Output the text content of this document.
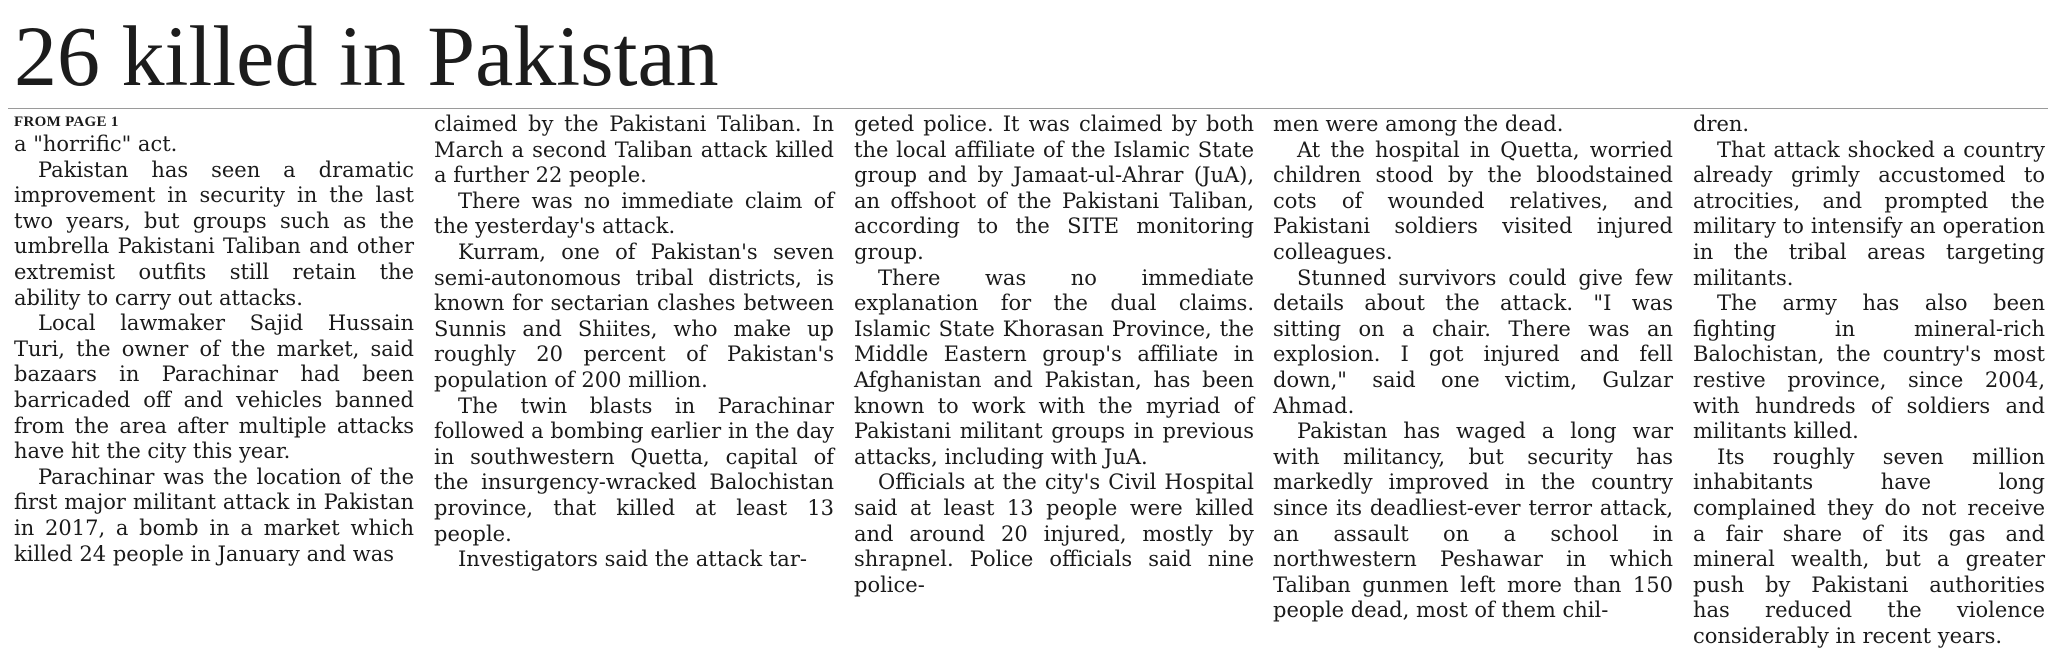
26 killed in Pakistan
FROM PAGE 1

a "horrific" act.

Pakistan has seen a dramatic improvement in security in the last two years, but groups such as the umbrella Pakistani Taliban and other extremist outfits still retain the ability to carry out attacks.

Local lawmaker Sajid Hussain Turi, the owner of the market, said bazaars in Parachinar had been barricaded off and vehicles banned from the area after multiple attacks have hit the city this year.

Parachinar was the location of the first major militant attack in Pakistan in 2017, a bomb in a market which killed 24 people in January and was

claimed by the Pakistani Taliban. In March a second Taliban attack killed a further 22 people.

There was no immediate claim of the yesterday's attack.

Kurram, one of Pakistan's seven semi-autonomous tribal districts, is known for sectarian clashes between Sunnis and Shiites, who make up roughly 20 percent of Pakistan's population of 200 million.

The twin blasts in Parachinar followed a bombing earlier in the day in southwestern Quetta, capital of the insurgency-wracked Balochistan province, that killed at least 13 people.

Investigators said the attack tar-

geted police. It was claimed by both the local affiliate of the Islamic State group and by Jamaat-ul-Ahrar (JuA), an offshoot of the Pakistani Taliban, according to the SITE monitoring group.

There was no immediate explanation for the dual claims. Islamic State Khorasan Province, the Middle Eastern group's affiliate in Afghanistan and Pakistan, has been known to work with the myriad of Pakistani militant groups in previous attacks, including with JuA.

Officials at the city's Civil Hospital said at least 13 people were killed and around 20 injured, mostly by shrapnel. Police officials said nine police-

men were among the dead.

At the hospital in Quetta, worried children stood by the bloodstained cots of wounded relatives, and Pakistani soldiers visited injured colleagues.

Stunned survivors could give few details about the attack. "I was sitting on a chair. There was an explosion. I got injured and fell down," said one victim, Gulzar Ahmad.

Pakistan has waged a long war with militancy, but security has markedly improved in the country since its deadliest-ever terror attack, an assault on a school in northwestern Peshawar in which Taliban gunmen left more than 150 people dead, most of them chil-

dren.

That attack shocked a country already grimly accustomed to atrocities, and prompted the military to intensify an operation in the tribal areas targeting militants.

The army has also been fighting in mineral-rich Balochistan, the country's most restive province, since 2004, with hundreds of soldiers and militants killed.

Its roughly seven million inhabitants have long complained they do not receive a fair share of its gas and mineral wealth, but a greater push by Pakistani authorities has reduced the violence considerably in recent years.
